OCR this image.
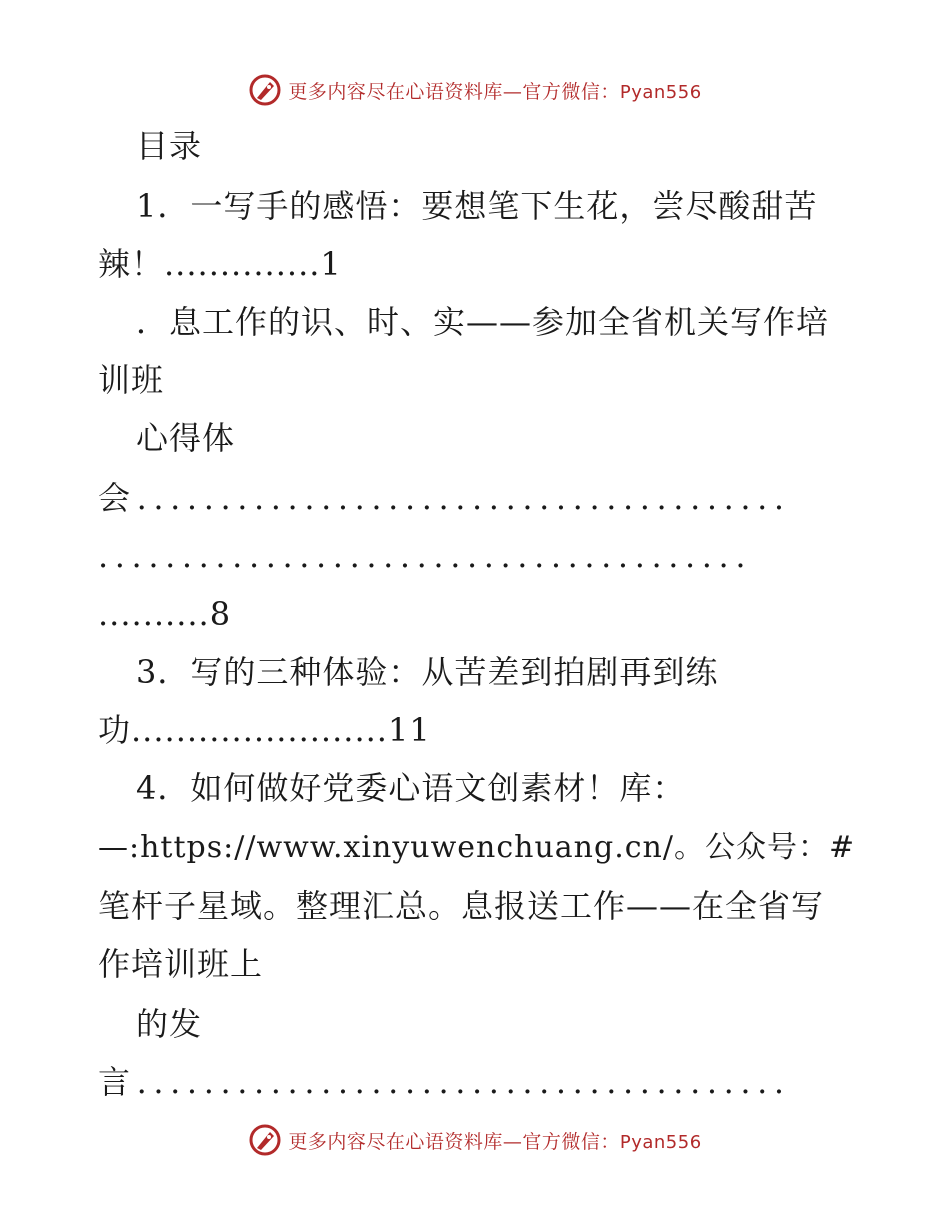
更多内容尽在心语资料库—官方微信：Pyan556
目录
1．一写手的感悟：要想笔下生花，尝尽酸甜苦
辣！..............1
．息工作的识、时、实——参加全省机关写作培
训班
心得体
会.......................................
.......................................
..........8
3．写的三种体验：从苦差到拍剧再到练
功.......................11
4．如何做好党委心语文创素材！库：
—:https://www.xinyuwenchuang.cn/。公众号：#
笔杆子星域。整理汇总。息报送工作——在全省写
作培训班上
的发
言.......................................
更多内容尽在心语资料库—官方微信：Pyan556
